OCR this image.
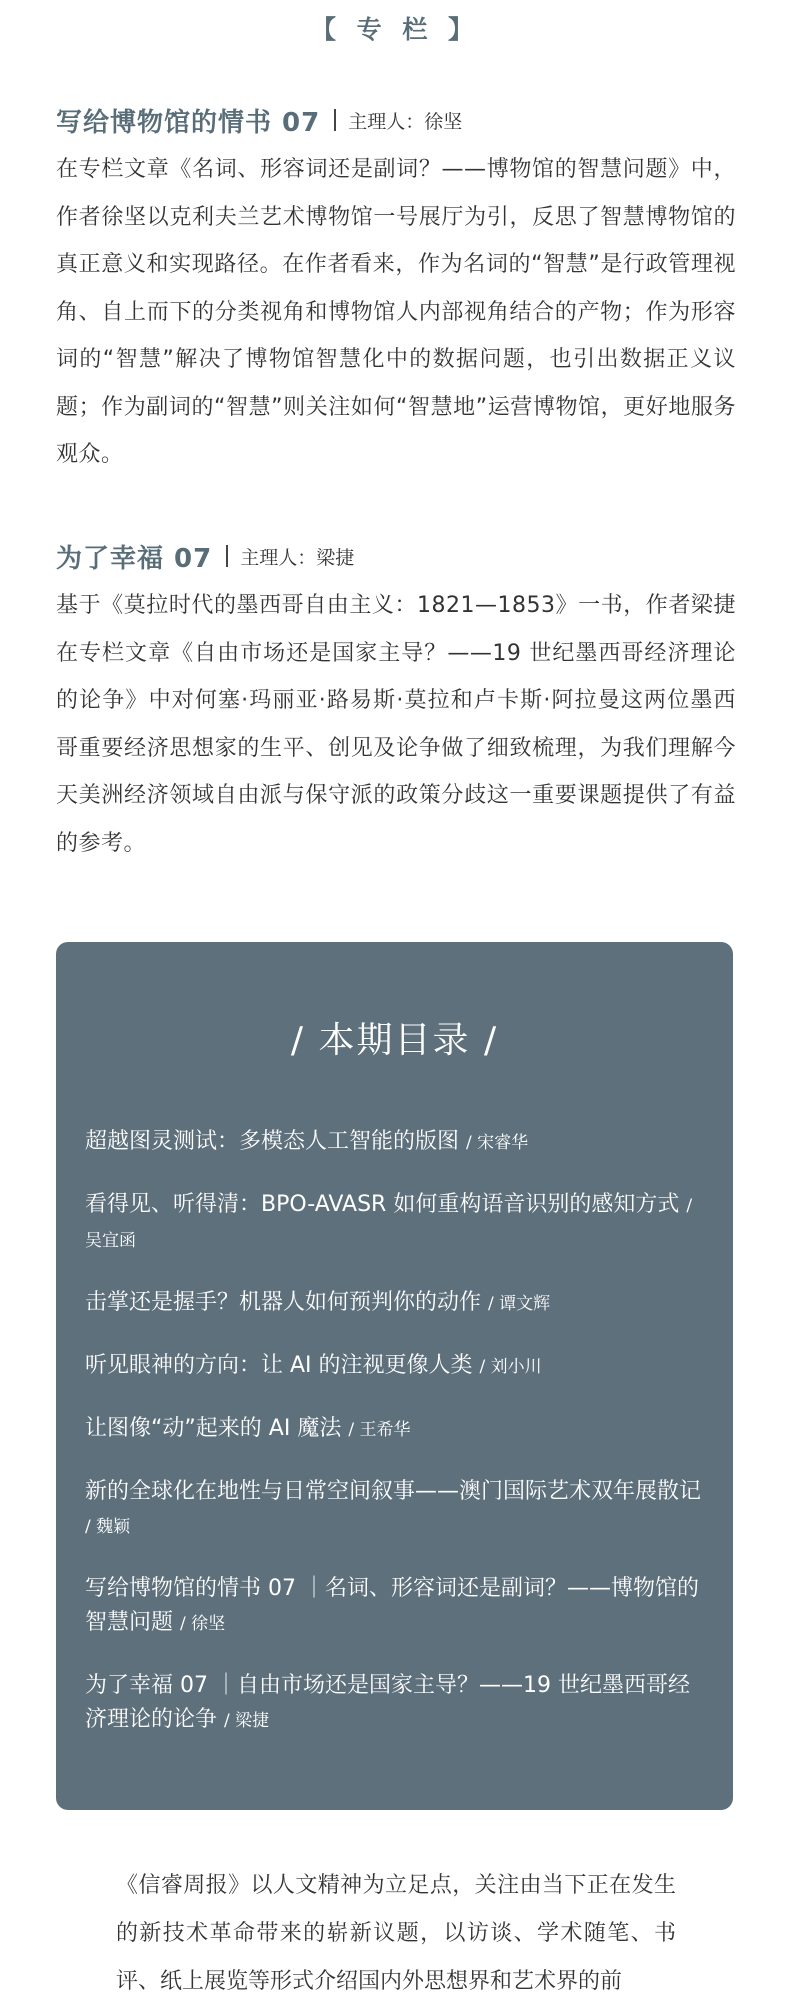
【 专 栏 】
写给博物馆的情书 07 主理人：徐坚
在专栏文章《名词、形容词还是副词？——博物馆的智慧问题》中，作者徐坚以克利夫兰艺术博物馆一号展厅为引，反思了智慧博物馆的真正意义和实现路径。在作者看来，作为名词的“智慧”是行政管理视角、自上而下的分类视角和博物馆人内部视角结合的产物；作为形容词的“智慧”解决了博物馆智慧化中的数据问题，也引出数据正义议题；作为副词的“智慧”则关注如何“智慧地”运营博物馆，更好地服务观众。
为了幸福 07 主理人：梁捷
基于《莫拉时代的墨西哥自由主义：1821—1853》一书，作者梁捷在专栏文章《自由市场还是国家主导？——19 世纪墨西哥经济理论的论争》中对何塞·玛丽亚·路易斯·莫拉和卢卡斯·阿拉曼这两位墨西哥重要经济思想家的生平、创见及论争做了细致梳理，为我们理解今天美洲经济领域自由派与保守派的政策分歧这一重要课题提供了有益的参考。
/ 本期目录 /
超越图灵测试：多模态人工智能的版图 / 宋睿华
看得见、听得清：BPO-AVASR 如何重构语音识别的感知方式 / 吴宜函
击掌还是握手？机器人如何预判你的动作 / 谭文辉
听见眼神的方向：让 AI 的注视更像人类 / 刘小川
让图像“动”起来的 AI 魔法 / 王希华
新的全球化在地性与日常空间叙事——澳门国际艺术双年展散记 / 魏颖
写给博物馆的情书 07 ｜名词、形容词还是副词？——博物馆的智慧问题 / 徐坚
为了幸福 07 ｜自由市场还是国家主导？——19 世纪墨西哥经济理论的论争 / 梁捷
《信睿周报》以人文精神为立足点，关注由当下正在发生的新技术革命带来的崭新议题，以访谈、学术随笔、书评、纸上展览等形式介绍国内外思想界和艺术界的前
